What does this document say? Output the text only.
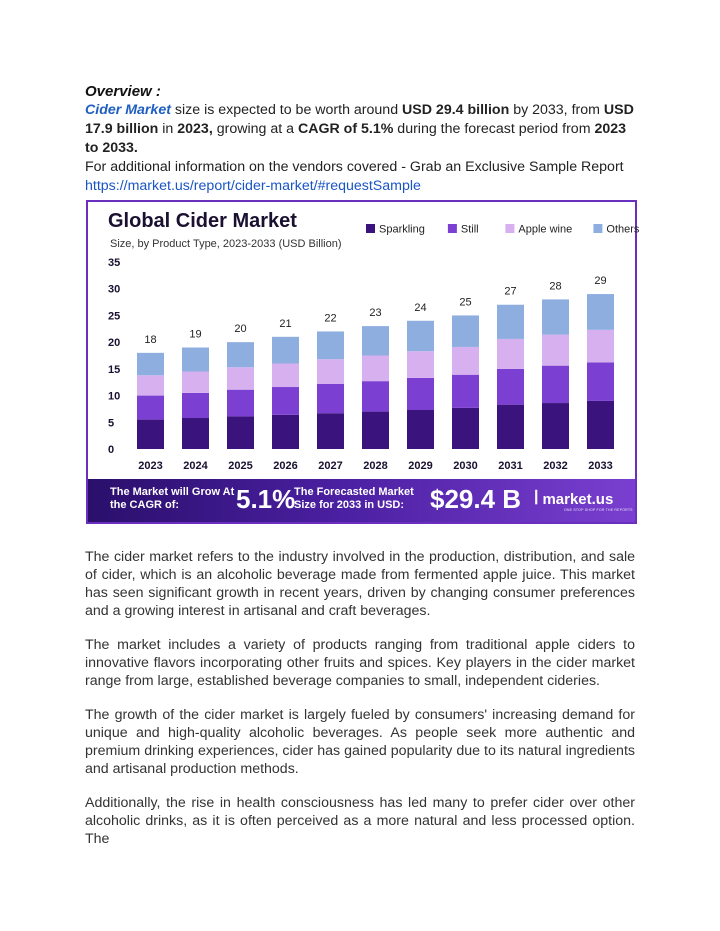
Overview :

Cider Market size is expected to be worth around USD 29.4 billion by 2033, from USD 17.9 billion in 2023, growing at a CAGR of 5.1% during the forecast period from 2023 to 2033.

For additional information on the vendors covered - Grab an Exclusive Sample Report

https://market.us/report/cider-market/#requestSample
Global Cider Market
Size, by Product Type, 2023-2033 (USD Billion)
Sparkling	Still	Apple wine	Others
0
5
10
15
20
25
30
35
18	19	20	21	22	23	24	25
27	28	29
2023 2024 2025 2026 2027 2028 2029 2030 2031 2032 2033
The Market will Grow At the CAGR of:	5.1%
The Forecasted Market Size for 2033 in USD: $29.4 B ꟾ market.us
ONE STOP SHOP FOR THE REPORTS

The cider market refers to the industry involved in the production, distribution, and sale of cider, which is an alcoholic beverage made from fermented apple juice. This market has seen significant growth in recent years, driven by changing consumer preferences and a growing interest in artisanal and craft beverages.

The market includes a variety of products ranging from traditional apple ciders to innovative flavors incorporating other fruits and spices. Key players in the cider market range from large, established beverage companies to small, independent cideries.

The growth of the cider market is largely fueled by consumers' increasing demand for unique and high-quality alcoholic beverages. As people seek more authentic and premium drinking experiences, cider has gained popularity due to its natural ingredients and artisanal production methods.

Additionally, the rise in health consciousness has led many to prefer cider over other alcoholic drinks, as it is often perceived as a more natural and less processed option. The
